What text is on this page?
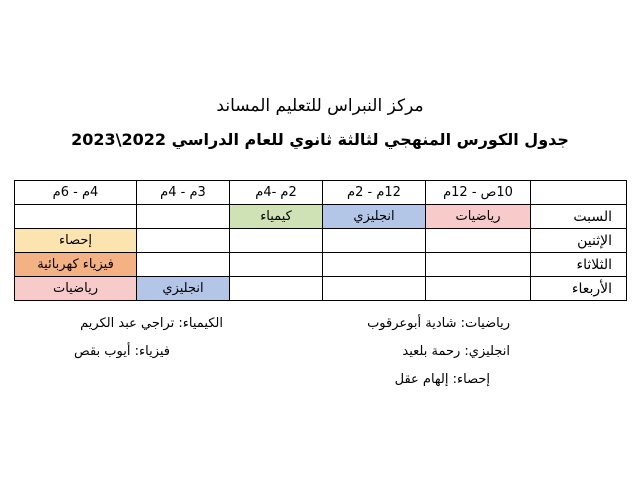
مركز النبراس للتعليم المساند
جدول الكورس المنهجي لثالثة ثانوي للعام الدراسي 2022\2023
4م - 6م	3م - 4م	2م -4م	12م - 2م	10ص - 12م	
		كيمياء	انجليزي	رياضيات	السبت
إحصاء					الإثنين
فيزياء كهربائية					الثلاثاء
رياضيات	انجليزي				الأربعاء
رياضيات: شادية أبوعرقوب
انجليزي: رحمة بلعيد
إحصاء: إلهام عقل
الكيمياء: تراجي عبد الكريم
فيزياء: أيوب بقص
